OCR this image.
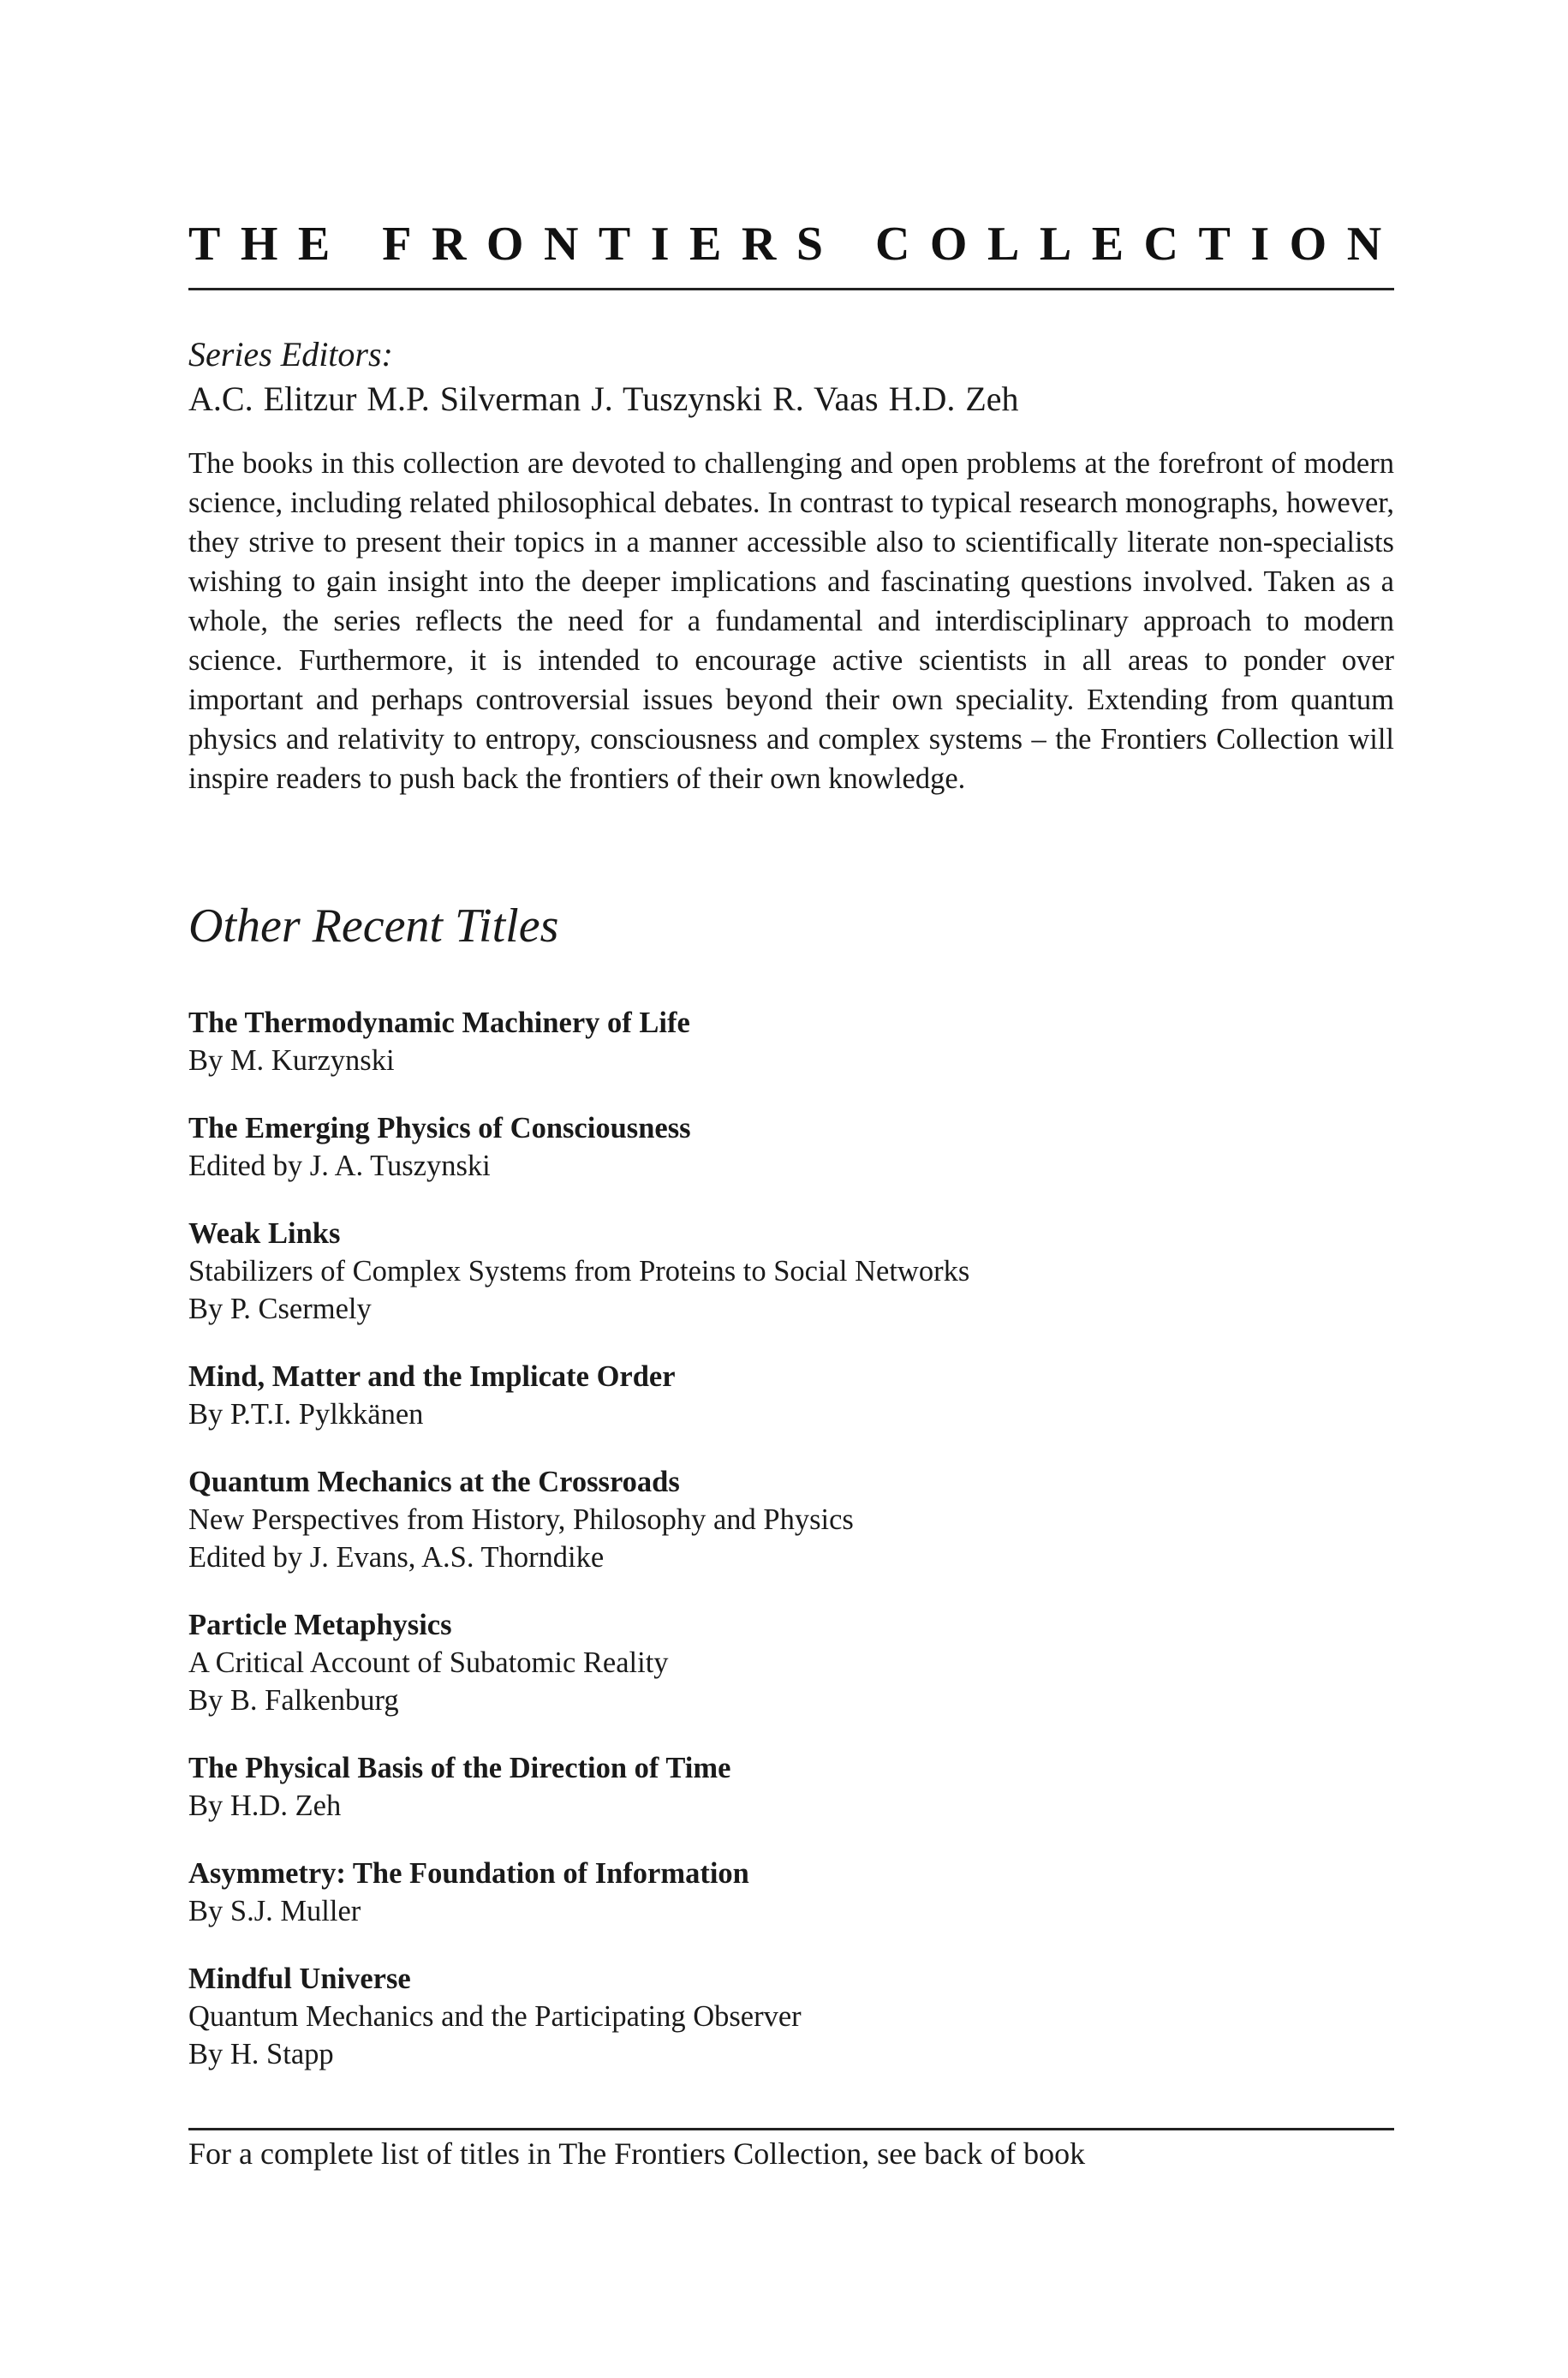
THE FRONTIERS COLLECTION
Series Editors:
A.C. Elitzur M.P. Silverman J. Tuszynski R. Vaas H.D. Zeh

The books in this collection are devoted to challenging and open problems at the forefront of modern science, including related philosophical debates. In contrast to typical research monographs, however, they strive to present their topics in a manner accessible also to scientifically literate non-specialists wishing to gain insight into the deeper implications and fascinating questions involved. Taken as a whole, the series reflects the need for a fundamental and interdisciplinary approach to modern science. Furthermore, it is intended to encourage active scientists in all areas to ponder over important and perhaps controversial issues beyond their own speciality. Extending from quantum physics and relativity to entropy, consciousness and complex systems – the Frontiers Collection will inspire readers to push back the frontiers of their own knowledge.

Other Recent Titles
The Thermodynamic Machinery of Life
By M. Kurzynski
The Emerging Physics of Consciousness
Edited by J. A. Tuszynski
Weak Links
Stabilizers of Complex Systems from Proteins to Social Networks
By P. Csermely
Mind, Matter and the Implicate Order
By P.T.I. Pylkkänen
Quantum Mechanics at the Crossroads
New Perspectives from History, Philosophy and Physics
Edited by J. Evans, A.S. Thorndike
Particle Metaphysics
A Critical Account of Subatomic Reality
By B. Falkenburg
The Physical Basis of the Direction of Time
By H.D. Zeh
Asymmetry: The Foundation of Information
By S.J. Muller
Mindful Universe
Quantum Mechanics and the Participating Observer
By H. Stapp
For a complete list of titles in The Frontiers Collection, see back of book
